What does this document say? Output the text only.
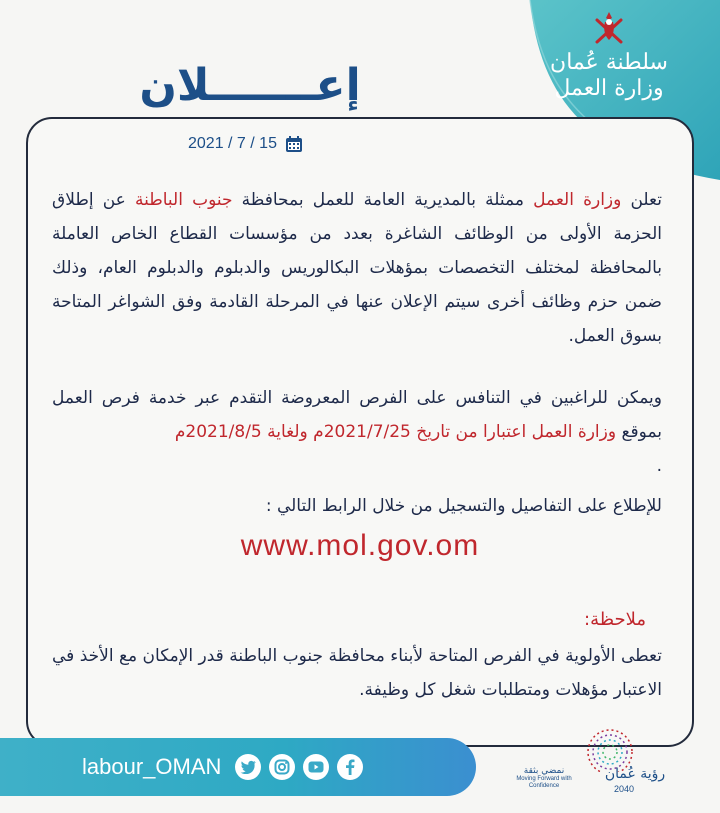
سلطنة عُمان
وزارة العمل
إعـــــــلان
2021 / 7 / 15

تعلن وزارة العمل ممثلة بالمديرية العامة للعمل بمحافظة جنوب الباطنة عن إطلاق الحزمة الأولى من الوظائف الشاغرة بعدد من مؤسسات القطاع الخاص العاملة بالمحافظة لمختلف التخصصات بمؤهلات البكالوريس والدبلوم والدبلوم العام، وذلك ضمن حزم وظائف أخرى سيتم الإعلان عنها في المرحلة القادمة وفق الشواغر المتاحة بسوق العمل.

ويمكن للراغبين في التنافس على الفرص المعروضة التقدم عبر خدمة فرص العمل بموقع وزارة العمل اعتبارا من تاريخ 2021/7/25م ولغاية 2021/8/5م
.

للإطلاع على التفاصيل والتسجيل من خلال الرابط التالي :

www.mol.gov.om
ملاحظة:

تعطى الأولوية في الفرص المتاحة لأبناء محافظة جنوب الباطنة قدر الإمكان مع الأخذ في الاعتبار مؤهلات ومتطلبات شغل كل وظيفة.

labour_OMAN	نمضي بثقة
Moving Forward with Confidence
رؤية عُمان
2040
